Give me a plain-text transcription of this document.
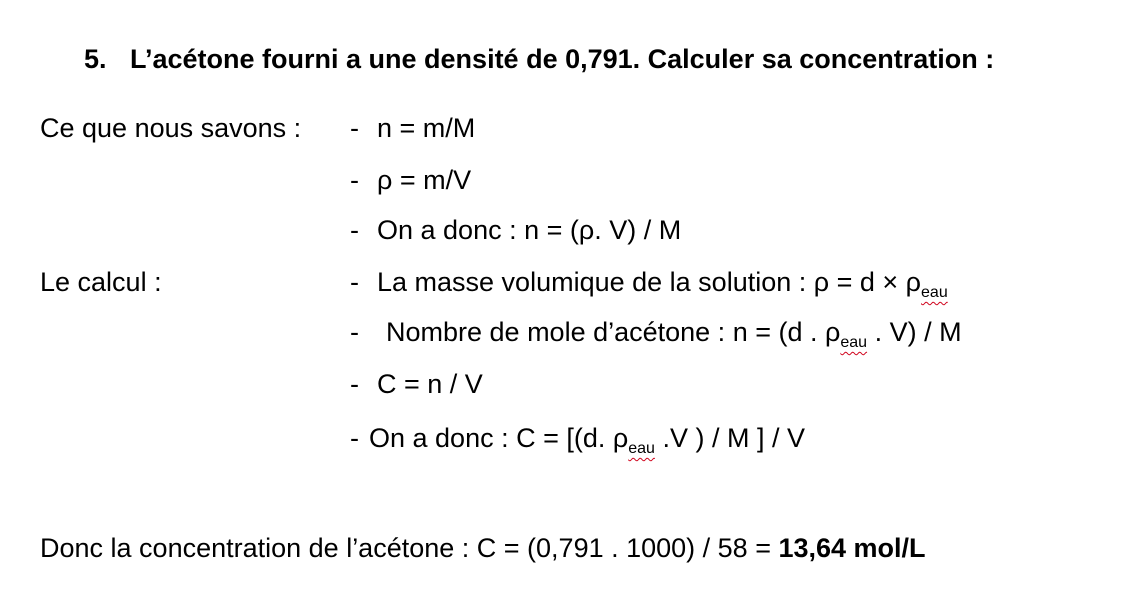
5. L’acétone fourni a une densité de 0,791. Calculer sa concentration :
Ce que nous savons : - n = m/M
- ρ = m/V
- On a donc : n = (ρ. V) / M
Le calcul :	- La masse volumique de la solution : $\rho = d \times \rho_{eau}$
- Nombre de mole d’acétone : n = (d . $\rho_{eau}$ . V) / M
- C = n / V
- On a donc : C = [(d. $\rho_{eau}$ .V ) / M ] / V
Donc la concentration de l’acétone : C = (0,791 . 1000) / 58 = 13,64 mol/L
